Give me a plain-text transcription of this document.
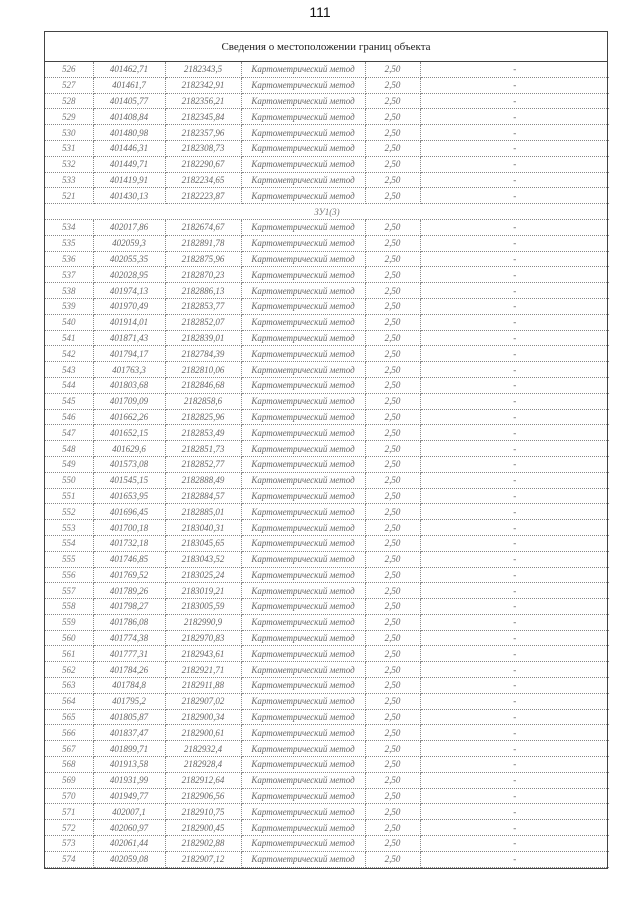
111
Сведения о местоположении границ объекта
526	401462,71	2182343,5	Картометрический метод	2,50	-
527	401461,7	2182342,91	Картометрический метод	2,50	-
528	401405,77	2182356,21	Картометрический метод	2,50	-
529	401408,84	2182345,84	Картометрический метод	2,50	-
530	401480,98	2182357,96	Картометрический метод	2,50	-
531	401446,31	2182308,73	Картометрический метод	2,50	-
532	401449,71	2182290,67	Картометрический метод	2,50	-
533	401419,91	2182234,65	Картометрический метод	2,50	-
521	401430,13	2182223,87	Картометрический метод	2,50	-
ЗУ1(3)					
534	402017,86	2182674,67	Картометрический метод	2,50	-
535	402059,3	2182891,78	Картометрический метод	2,50	-
536	402055,35	2182875,96	Картометрический метод	2,50	-
537	402028,95	2182870,23	Картометрический метод	2,50	-
538	401974,13	2182886,13	Картометрический метод	2,50	-
539	401970,49	2182853,77	Картометрический метод	2,50	-
540	401914,01	2182852,07	Картометрический метод	2,50	-
541	401871,43	2182839,01	Картометрический метод	2,50	-
542	401794,17	2182784,39	Картометрический метод	2,50	-
543	401763,3	2182810,06	Картометрический метод	2,50	-
544	401803,68	2182846,68	Картометрический метод	2,50	-
545	401709,09	2182858,6	Картометрический метод	2,50	-
546	401662,26	2182825,96	Картометрический метод	2,50	-
547	401652,15	2182853,49	Картометрический метод	2,50	-
548	401629,6	2182851,73	Картометрический метод	2,50	-
549	401573,08	2182852,77	Картометрический метод	2,50	-
550	401545,15	2182888,49	Картометрический метод	2,50	-
551	401653,95	2182884,57	Картометрический метод	2,50	-
552	401696,45	2182885,01	Картометрический метод	2,50	-
553	401700,18	2183040,31	Картометрический метод	2,50	-
554	401732,18	2183045,65	Картометрический метод	2,50	-
555	401746,85	2183043,52	Картометрический метод	2,50	-
556	401769,52	2183025,24	Картометрический метод	2,50	-
557	401789,26	2183019,21	Картометрический метод	2,50	-
558	401798,27	2183005,59	Картометрический метод	2,50	-
559	401786,08	2182990,9	Картометрический метод	2,50	-
560	401774,38	2182970,83	Картометрический метод	2,50	-
561	401777,31	2182943,61	Картометрический метод	2,50	-
562	401784,26	2182921,71	Картометрический метод	2,50	-
563	401784,8	2182911,88	Картометрический метод	2,50	-
564	401795,2	2182907,02	Картометрический метод	2,50	-
565	401805,87	2182900,34	Картометрический метод	2,50	-
566	401837,47	2182900,61	Картометрический метод	2,50	-
567	401899,71	2182932,4	Картометрический метод	2,50	-
568	401913,58	2182928,4	Картометрический метод	2,50	-
569	401931,99	2182912,64	Картометрический метод	2,50	-
570	401949,77	2182906,56	Картометрический метод	2,50	-
571	402007,1	2182910,75	Картометрический метод	2,50	-
572	402060,97	2182900,45	Картометрический метод	2,50	-
573	402061,44	2182902,88	Картометрический метод	2,50	-
574	402059,08	2182907,12	Картометрический метод	2,50	-
